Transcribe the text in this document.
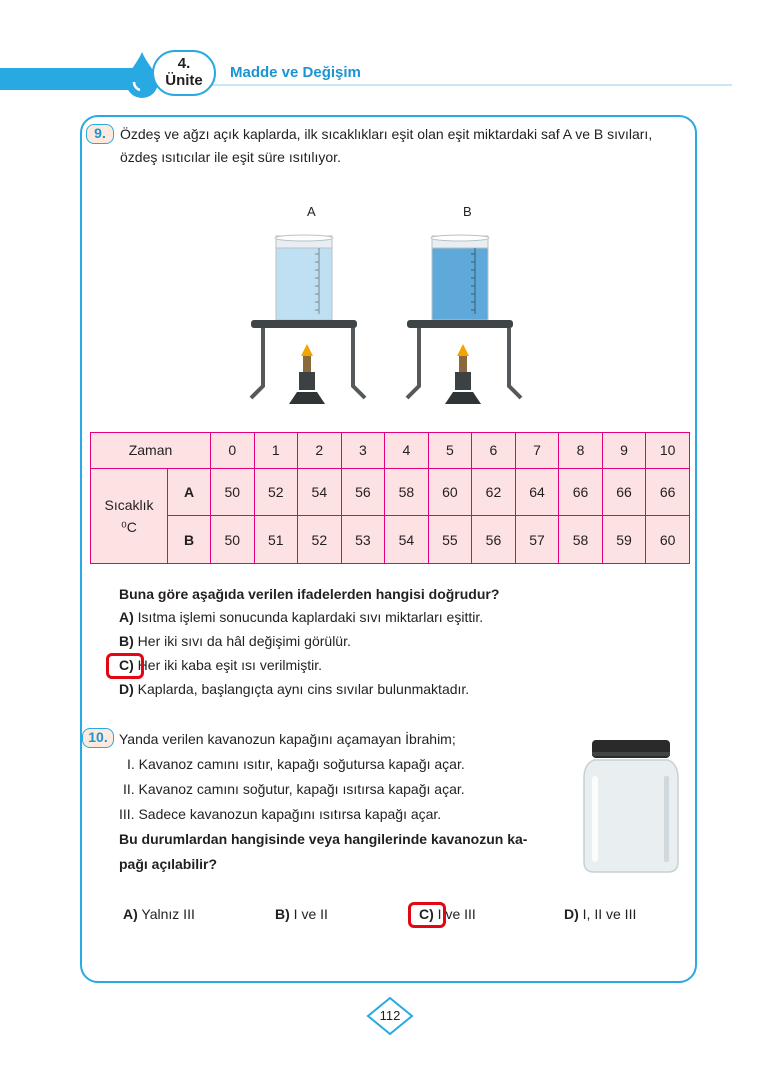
4.
Ünite	Madde ve Değişim
9.	Özdeş ve ağzı açık kaplarda, ilk sıcaklıkları eşit olan eşit miktardaki saf A ve B sıvıları,
özdeş ısıtıcılar ile eşit süre ısıtılıyor.
A	B
Zaman		0	1	2	3	4	5	6	7	8	9	10

Sıcaklık
⁰C	A	50	52	54	56	58	60	62	64	66	66	66
	B	50	51	52	53	54	55	56	57	58	59	60
Buna göre aşağıda verilen ifadelerden hangisi doğrudur?
A) Isıtma işlemi sonucunda kaplardaki sıvı miktarları eşittir.
B) Her iki sıvı da hâl değişimi görülür.
C) Her iki kaba eşit ısı verilmiştir.
D) Kaplarda, başlangıçta aynı cins sıvılar bulunmaktadır.
10. Yanda verilen kavanozun kapağını açamayan İbrahim;
I. Kavanoz camını ısıtır, kapağı soğutursa kapağı açar.
II. Kavanoz camını soğutur, kapağı ısıtırsa kapağı açar.
III. Sadece kavanozun kapağını ısıtırsa kapağı açar.
Bu durumlardan hangisinde veya hangilerinde kavanozun ka-
pağı açılabilir?
A) Yalnız III	B) I ve II	C) I ve III	D) I, II ve III
112
